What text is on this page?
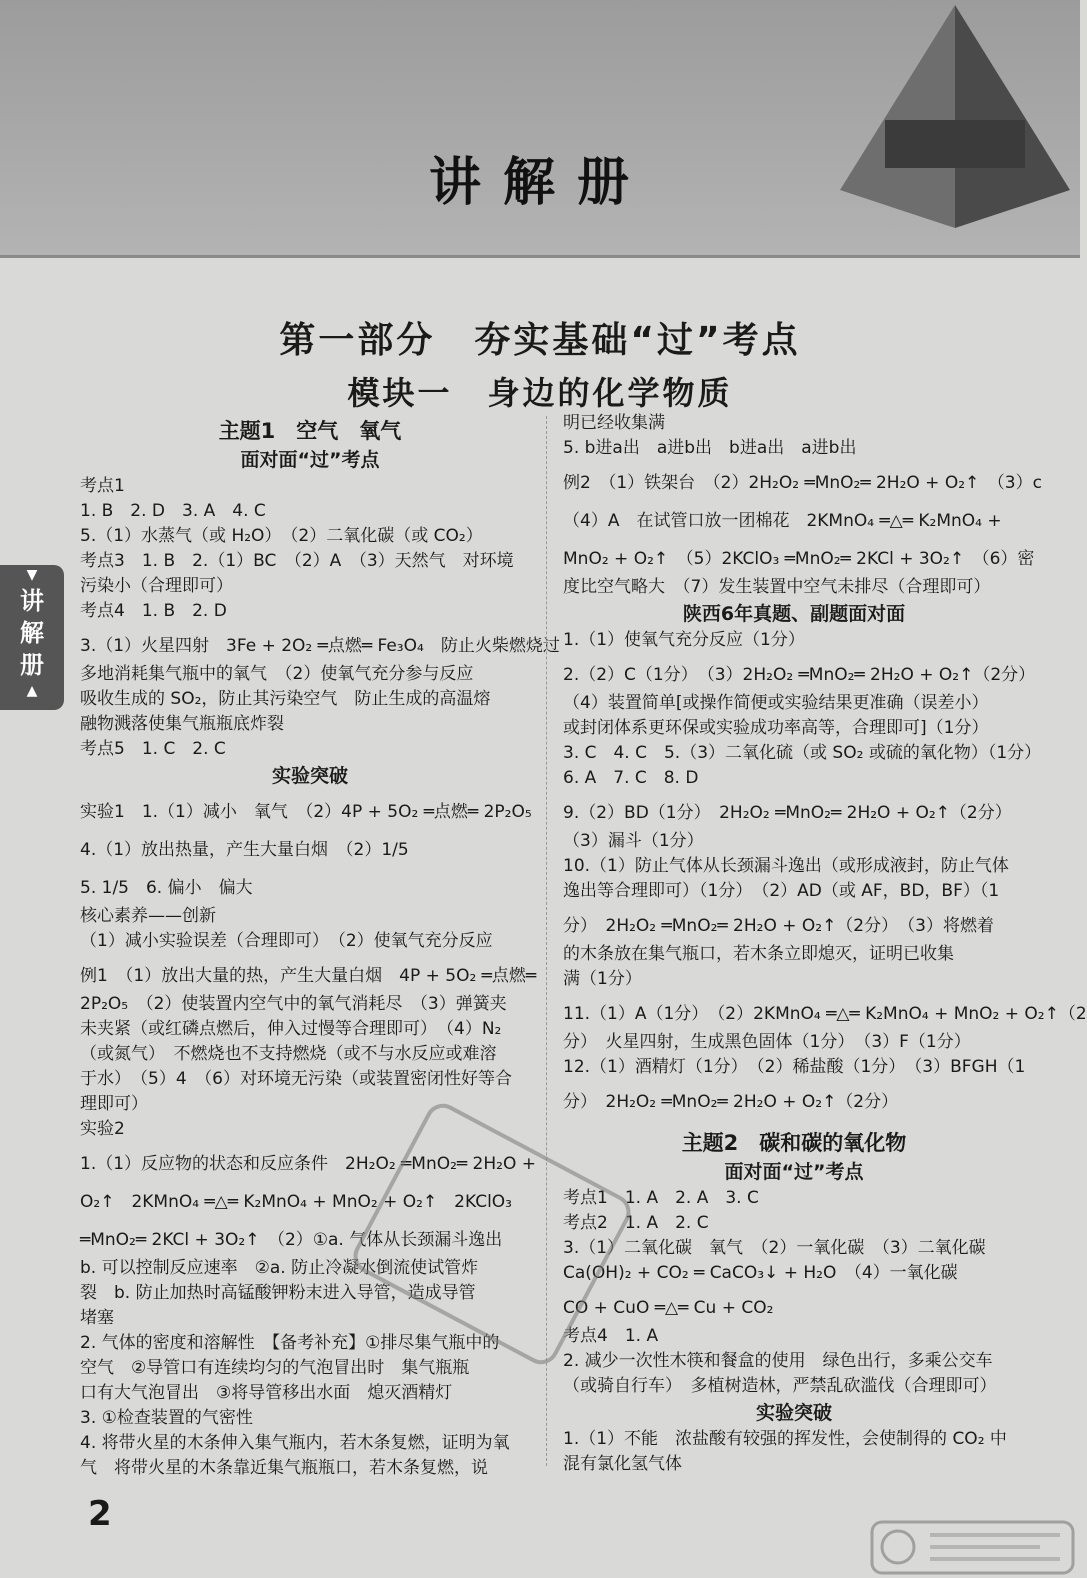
讲解册
▼
讲
解
册
▲
第一部分　夯实基础“过”考点
模块一　身边的化学物质
主题1　空气　氧气
面对面“过”考点
考点1
1. B　2. D　3. A　4. C
5.（1）水蒸气（或 H₂O）　（2）二氧化碳（或 CO₂）
考点3　1. B　2.（1）BC　（2）A　（3）天然气　对环境
污染小（合理即可）
考点4　1. B　2. D
3.（1）火星四射　3Fe + 2O₂ ═点燃═ Fe₃O₄　防止火柴燃烧过
多地消耗集气瓶中的氧气　（2）使氧气充分参与反应
吸收生成的 SO₂，防止其污染空气　防止生成的高温熔
融物溅落使集气瓶瓶底炸裂
考点5　1. C　2. C
实验突破
实验1　1.（1）减小　氧气　（2）4P + 5O₂ ═点燃═ 2P₂O₅
4.（1）放出热量，产生大量白烟　（2）1/5
5. 1/5　6. 偏小　偏大
核心素养——创新
（1）减小实验误差（合理即可）　（2）使氧气充分反应
例1　（1）放出大量的热，产生大量白烟　4P + 5O₂ ═点燃═
2P₂O₅　（2）使装置内空气中的氧气消耗尽　（3）弹簧夹
未夹紧（或红磷点燃后，伸入过慢等合理即可）　（4）N₂
（或氮气）　不燃烧也不支持燃烧（或不与水反应或难溶
于水）　（5）4　（6）对环境无污染（或装置密闭性好等合
理即可）
实验2
1.（1）反应物的状态和反应条件　2H₂O₂ ═MnO₂═ 2H₂O +
O₂↑　2KMnO₄ ═△═ K₂MnO₄ + MnO₂ + O₂↑　2KClO₃
═MnO₂═ 2KCl + 3O₂↑　（2）①a. 气体从长颈漏斗逸出
b. 可以控制反应速率　②a. 防止冷凝水倒流使试管炸
裂　b. 防止加热时高锰酸钾粉末进入导管，造成导管
堵塞
2. 气体的密度和溶解性　【备考补充】①排尽集气瓶中的
空气　②导管口有连续均匀的气泡冒出时　集气瓶瓶
口有大气泡冒出　③将导管移出水面　熄灭酒精灯
3. ①检查装置的气密性
4. 将带火星的木条伸入集气瓶内，若木条复燃，证明为氧
气　将带火星的木条靠近集气瓶瓶口，若木条复燃，说
明已经收集满
5. b进a出　a进b出　b进a出　a进b出
例2　（1）铁架台　（2）2H₂O₂ ═MnO₂═ 2H₂O + O₂↑　（3）c
（4）A　在试管口放一团棉花　2KMnO₄ ═△═ K₂MnO₄ +
MnO₂ + O₂↑　（5）2KClO₃ ═MnO₂═ 2KCl + 3O₂↑　（6）密
度比空气略大　（7）发生装置中空气未排尽（合理即可）
陕西6年真题、副题面对面
1.（1）使氧气充分反应（1分）
2.（2）C（1分）　（3）2H₂O₂ ═MnO₂═ 2H₂O + O₂↑（2分）
（4）装置简单[或操作简便或实验结果更准确（误差小）
或封闭体系更环保或实验成功率高等，合理即可]（1分）
3. C　4. C　5.（3）二氧化硫（或 SO₂ 或硫的氧化物）（1分）
6. A　7. C　8. D
9.（2）BD（1分）　2H₂O₂ ═MnO₂═ 2H₂O + O₂↑（2分）
（3）漏斗（1分）
10.（1）防止气体从长颈漏斗逸出（或形成液封，防止气体
逸出等合理即可）（1分）　（2）AD（或 AF，BD，BF）（1
分）　2H₂O₂ ═MnO₂═ 2H₂O + O₂↑（2分）　（3）将燃着
的木条放在集气瓶口，若木条立即熄灭，证明已收集
满（1分）
11.（1）A（1分）　（2）2KMnO₄ ═△═ K₂MnO₄ + MnO₂ + O₂↑（2
分）　火星四射，生成黑色固体（1分）　（3）F（1分）
12.（1）酒精灯（1分）　（2）稀盐酸（1分）　（3）BFGH（1
分）　2H₂O₂ ═MnO₂═ 2H₂O + O₂↑（2分）
主题2　碳和碳的氧化物
面对面“过”考点
考点1　1. A　2. A　3. C
考点2　1. A　2. C
3.（1）二氧化碳　氧气　（2）一氧化碳　（3）二氧化碳
Ca(OH)₂ + CO₂ ═ CaCO₃↓ + H₂O　（4）一氧化碳
CO + CuO ═△═ Cu + CO₂
考点4　1. A
2. 减少一次性木筷和餐盒的使用　绿色出行，多乘公交车
（或骑自行车）　多植树造林，严禁乱砍滥伐（合理即可）
实验突破
1.（1）不能　浓盐酸有较强的挥发性，会使制得的 CO₂ 中
混有氯化氢气体
2
